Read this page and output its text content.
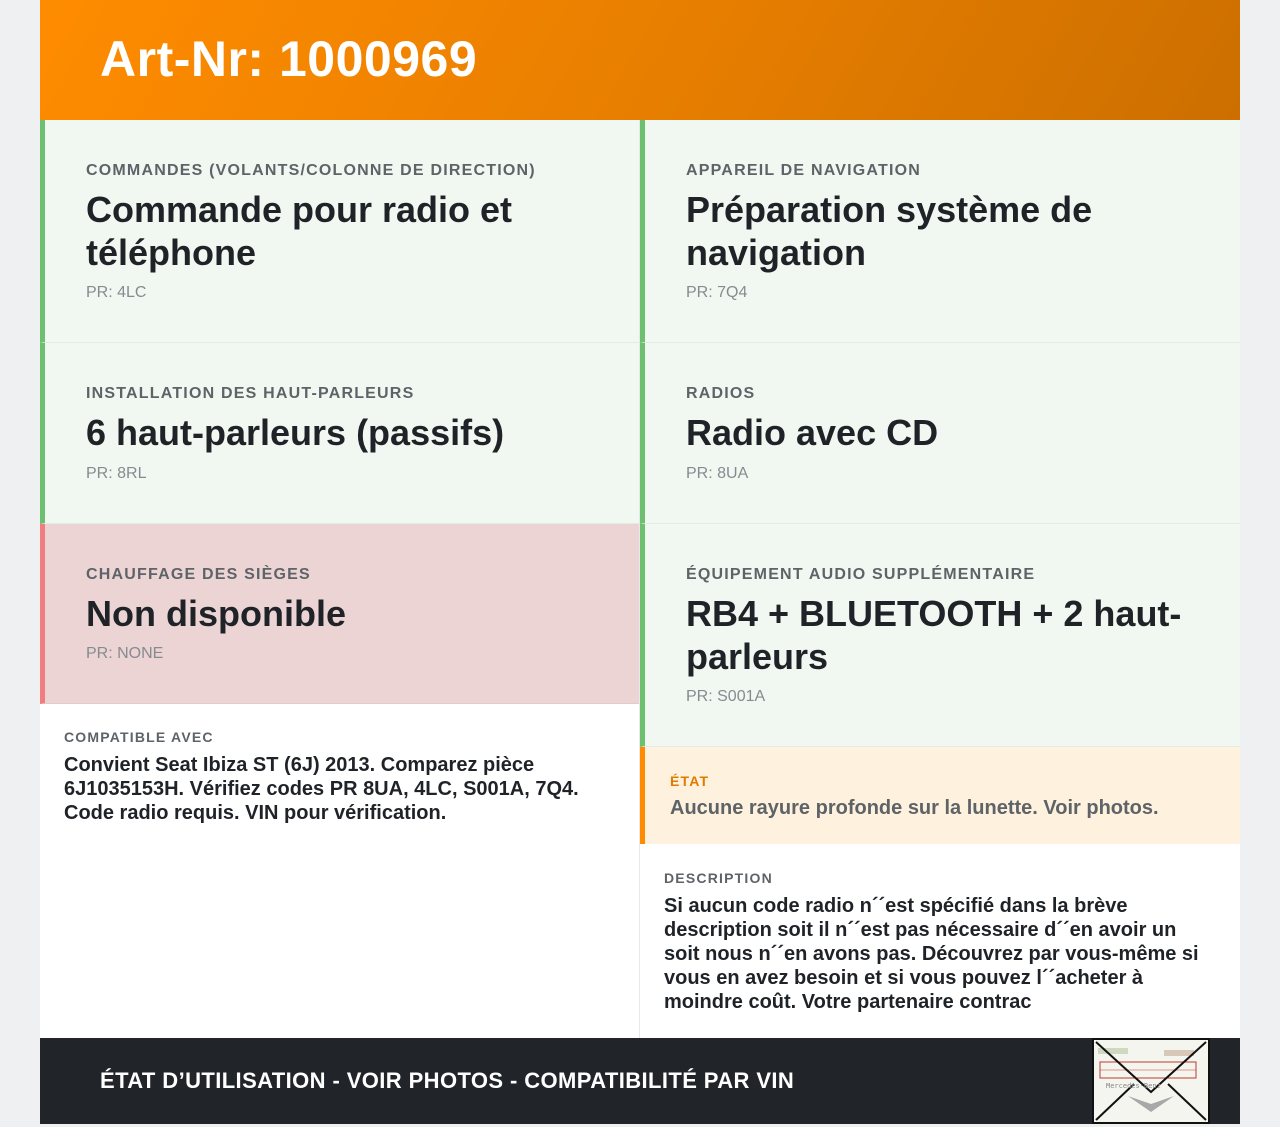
Art-Nr: 1000969
COMMANDES (VOLANTS/COLONNE DE DIRECTION)
Commande pour radio et téléphone
PR: 4LC
APPAREIL DE NAVIGATION
Préparation système de navigation
PR: 7Q4
INSTALLATION DES HAUT-PARLEURS
6 haut-parleurs (passifs)
PR: 8RL
RADIOS
Radio avec CD
PR: 8UA
CHAUFFAGE DES SIÈGES
Non disponible
PR: NONE
ÉQUIPEMENT AUDIO SUPPLÉMENTAIRE
RB4 + BLUETOOTH + 2 haut-parleurs
PR: S001A
COMPATIBLE AVEC
Convient Seat Ibiza ST (6J) 2013. Comparez pièce 6J1035153H. Vérifiez codes PR 8UA, 4LC, S001A, 7Q4. Code radio requis. VIN pour vérification.
ÉTAT
Aucune rayure profonde sur la lunette. Voir photos.
DESCRIPTION
Si aucun code radio n´´est spécifié dans la brève description soit il n´´est pas nécessaire d´´en avoir un soit nous n´´en avons pas. Découvrez par vous-même si vous en avez besoin et si vous pouvez l´´acheter à moindre coût. Votre partenaire contrac
ÉTAT D’UTILISATION - VOIR PHOTOS - COMPATIBILITÉ PAR VIN	Mercedes-Benz
